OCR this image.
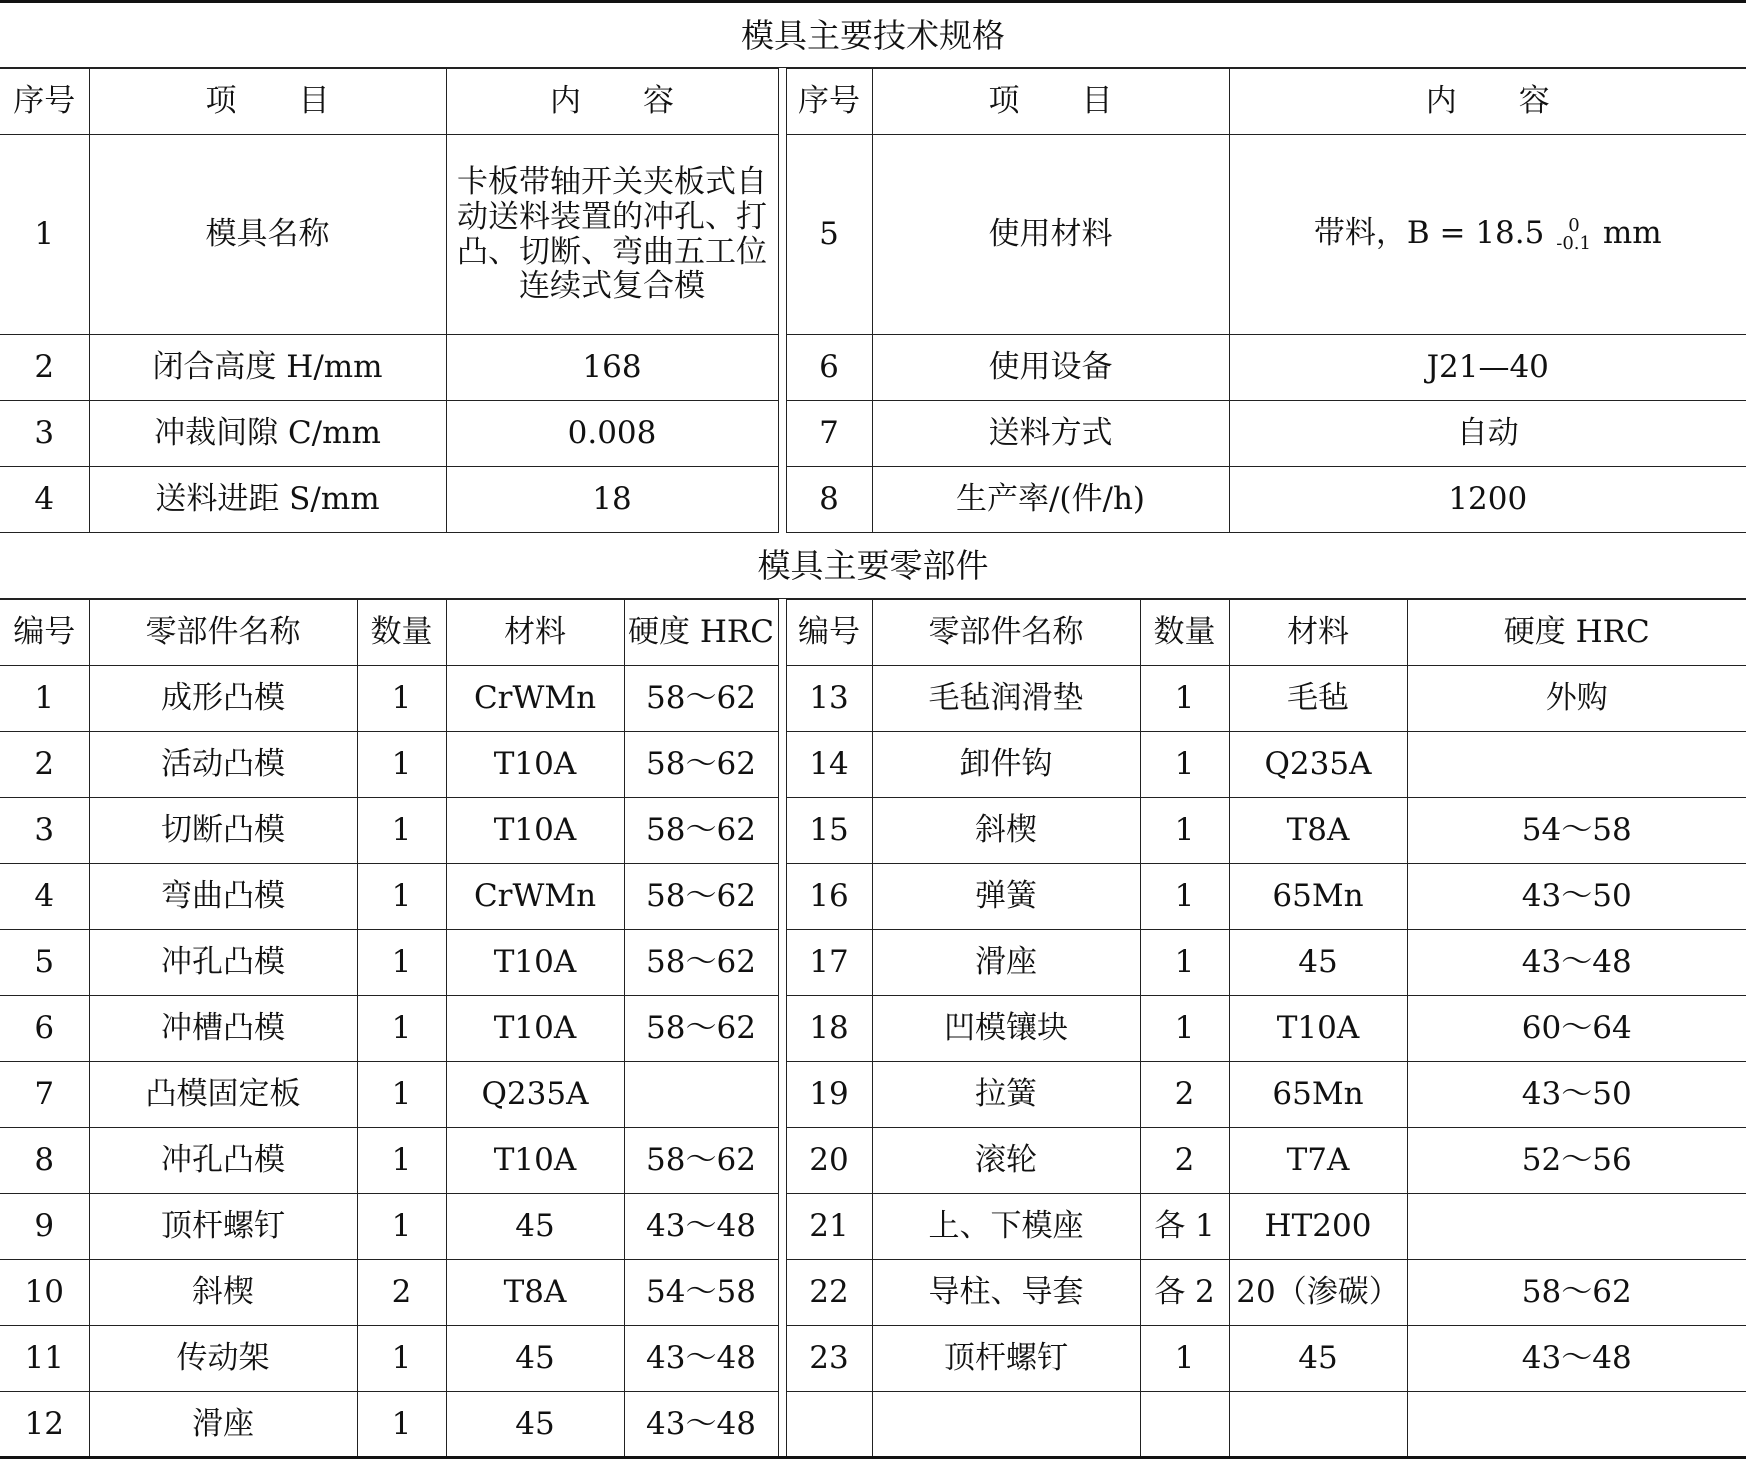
模具主要技术规格
序号	项　　目	内　　容		序号	项　　目	内　　容
1	模具名称	卡板带轴开关夹板式自动送料装置的冲孔、打凸、切断、弯曲五工位连续式复合模		5	使用材料	带料，B = 18.5 0
-0.1 mm
2	闭合高度 H/mm	168		6	使用设备	J21—40
3	冲裁间隙 C/mm	0.008		7	送料方式	自动
4	送料进距 S/mm	18		8	生产率/(件/h)	1200
模具主要零部件
编号	零部件名称	数量	材料	硬度 HRC		编号	零部件名称	数量	材料	硬度 HRC
1	成形凸模	1	CrWMn	58～62		13	毛毡润滑垫	1	毛毡	外购
2	活动凸模	1	T10A	58～62		14	卸件钩	1	Q235A	
3	切断凸模	1	T10A	58～62		15	斜楔	1	T8A	54～58
4	弯曲凸模	1	CrWMn	58～62		16	弹簧	1	65Mn	43～50
5	冲孔凸模	1	T10A	58～62		17	滑座	1	45	43～48
6	冲槽凸模	1	T10A	58～62		18	凹模镶块	1	T10A	60～64
7	凸模固定板	1	Q235A			19	拉簧	2	65Mn	43～50
8	冲孔凸模	1	T10A	58～62		20	滚轮	2	T7A	52～56
9	顶杆螺钉	1	45	43～48		21	上、下模座	各 1	HT200	
10	斜楔	2	T8A	54～58		22	导柱、导套	各 2	20（渗碳）	58～62
11	传动架	1	45	43～48		23	顶杆螺钉	1	45	43～48
12	滑座	1	45	43～48						
